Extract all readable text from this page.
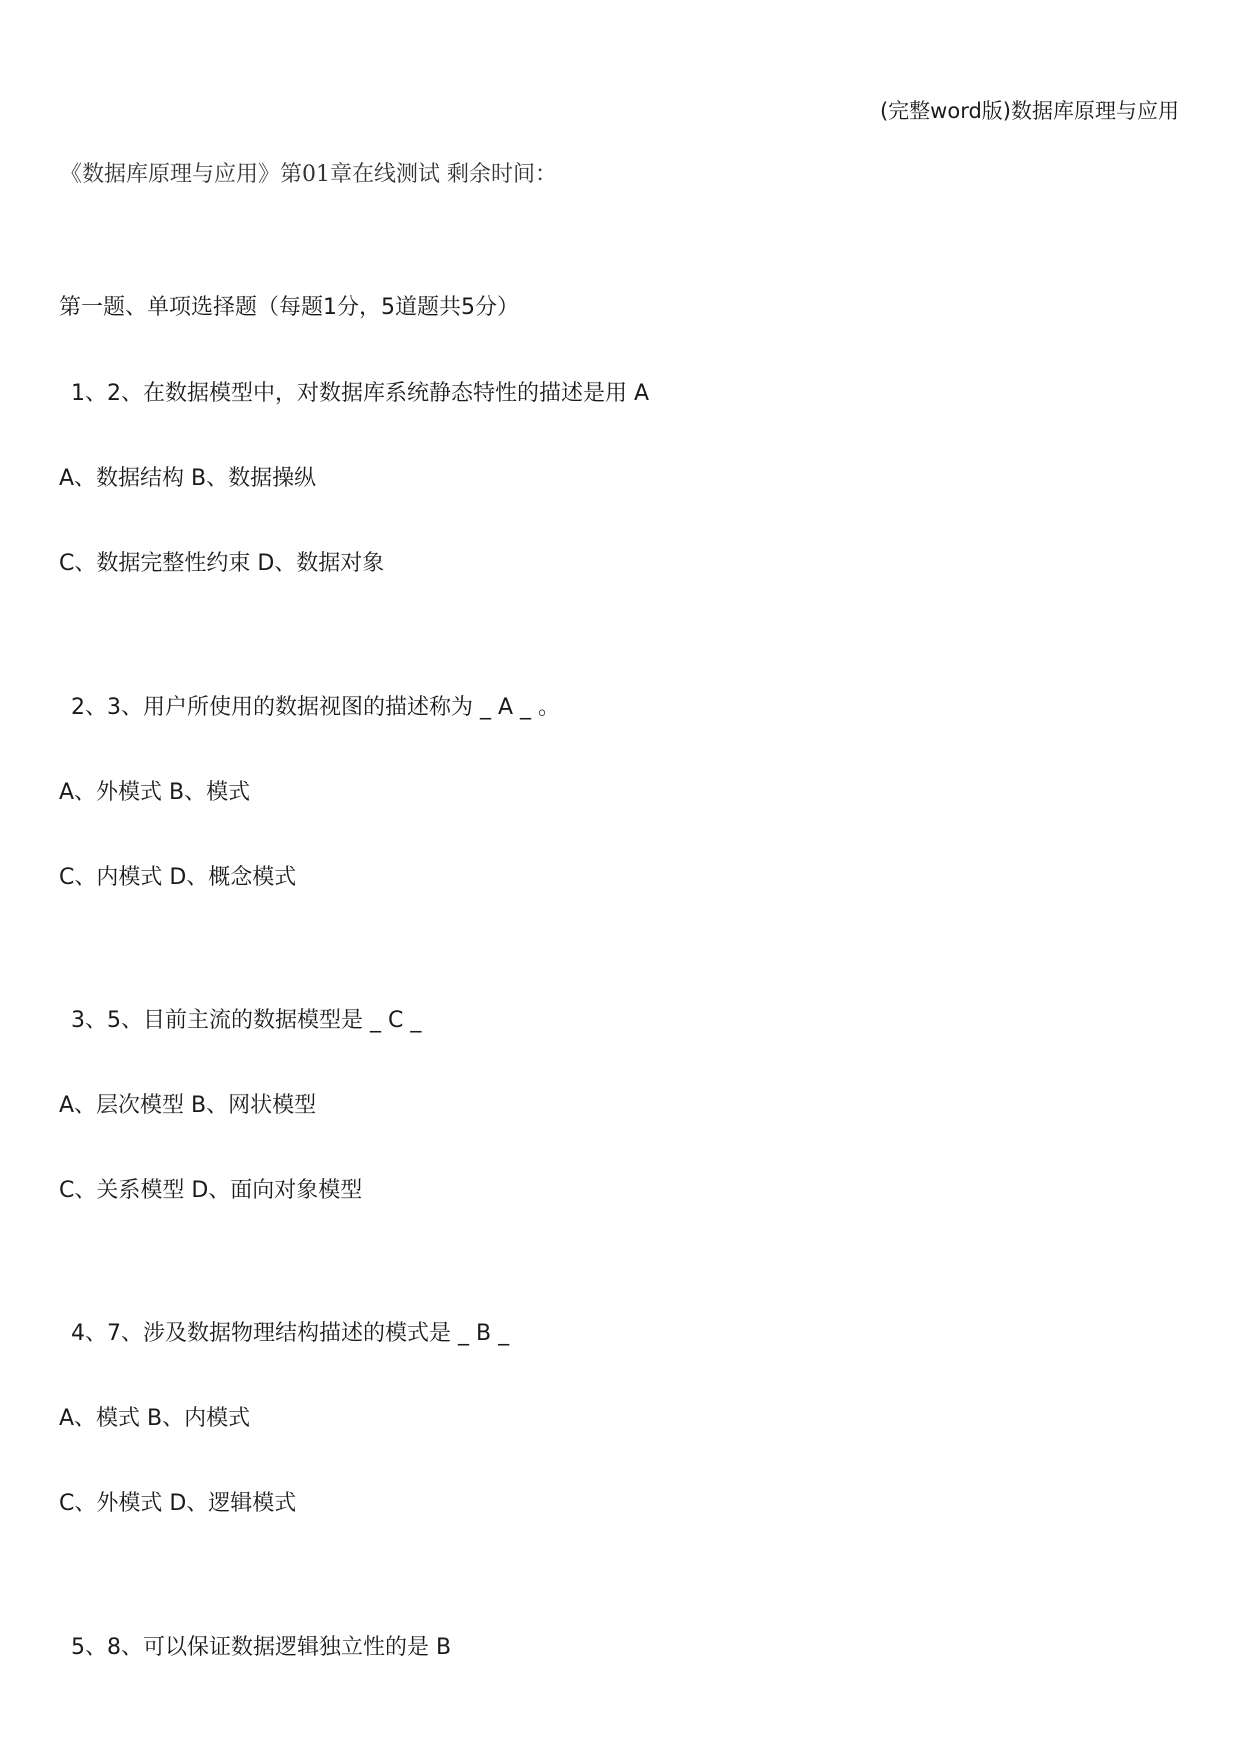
(完整word版)数据库原理与应用
《数据库原理与应用》第01章在线测试 剩余时间：
第一题、单项选择题（每题1分，5道题共5分）
1、2、在数据模型中，对数据库系统静态特性的描述是用 A
A、数据结构 B、数据操纵
C、数据完整性约束 D、数据对象
2、3、用户所使用的数据视图的描述称为 _ A _ 。
A、外模式 B、模式
C、内模式 D、概念模式
3、5、目前主流的数据模型是 _ C _
A、层次模型 B、网状模型
C、关系模型 D、面向对象模型
4、7、涉及数据物理结构描述的模式是 _ B _
A、模式 B、内模式
C、外模式 D、逻辑模式
5、8、可以保证数据逻辑独立性的是 B
